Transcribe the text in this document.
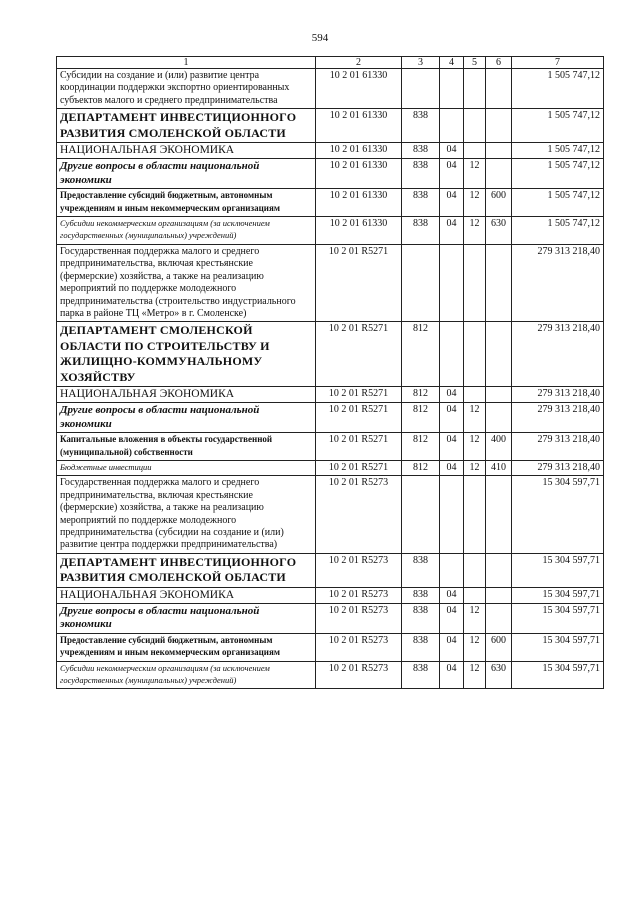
594
1	2	3	4	5	6	7
Субсидии на создание и (или) развитие центра координации поддержки экспортно ориентированных субъектов малого и среднего предпринимательства	10 2 01 61330					1 505 747,12
ДЕПАРТАМЕНТ ИНВЕСТИЦИОННОГО РАЗВИТИЯ СМОЛЕНСКОЙ ОБЛАСТИ	10 2 01 61330	838				1 505 747,12
НАЦИОНАЛЬНАЯ ЭКОНОМИКА	10 2 01 61330	838	04			1 505 747,12
Другие вопросы в области национальной экономики	10 2 01 61330	838	04	12		1 505 747,12
Предоставление субсидий бюджетным, автономным учреждениям и иным некоммерческим организациям	10 2 01 61330	838	04	12	600	1 505 747,12
Субсидии некоммерческим организациям (за исключением государственных (муниципальных) учреждений)	10 2 01 61330	838	04	12	630	1 505 747,12
Государственная поддержка малого и среднего предпринимательства, включая крестьянские (фермерские) хозяйства, а также на реализацию мероприятий по поддержке молодежного предпринимательства (строительство индустриального парка в районе ТЦ «Метро» в г. Смоленске)	10 2 01 R5271					279 313 218,40
ДЕПАРТАМЕНТ СМОЛЕНСКОЙ ОБЛАСТИ ПО СТРОИТЕЛЬСТВУ И ЖИЛИЩНО-КОММУНАЛЬНОМУ ХОЗЯЙСТВУ	10 2 01 R5271	812				279 313 218,40
НАЦИОНАЛЬНАЯ ЭКОНОМИКА	10 2 01 R5271	812	04			279 313 218,40
Другие вопросы в области национальной экономики	10 2 01 R5271	812	04	12		279 313 218,40
Капитальные вложения в объекты государственной (муниципальной) собственности	10 2 01 R5271	812	04	12	400	279 313 218,40
Бюджетные инвестиции	10 2 01 R5271	812	04	12	410	279 313 218,40
Государственная поддержка малого и среднего предпринимательства, включая крестьянские (фермерские) хозяйства, а также на реализацию мероприятий по поддержке молодежного предпринимательства (субсидии на создание и (или) развитие центра поддержки предпринимательства)	10 2 01 R5273					15 304 597,71
ДЕПАРТАМЕНТ ИНВЕСТИЦИОННОГО РАЗВИТИЯ СМОЛЕНСКОЙ ОБЛАСТИ	10 2 01 R5273	838				15 304 597,71
НАЦИОНАЛЬНАЯ ЭКОНОМИКА	10 2 01 R5273	838	04			15 304 597,71
Другие вопросы в области национальной экономики	10 2 01 R5273	838	04	12		15 304 597,71
Предоставление субсидий бюджетным, автономным учреждениям и иным некоммерческим организациям	10 2 01 R5273	838	04	12	600	15 304 597,71
Субсидии некоммерческим организациям (за исключением государственных (муниципальных) учреждений)	10 2 01 R5273	838	04	12	630	15 304 597,71
